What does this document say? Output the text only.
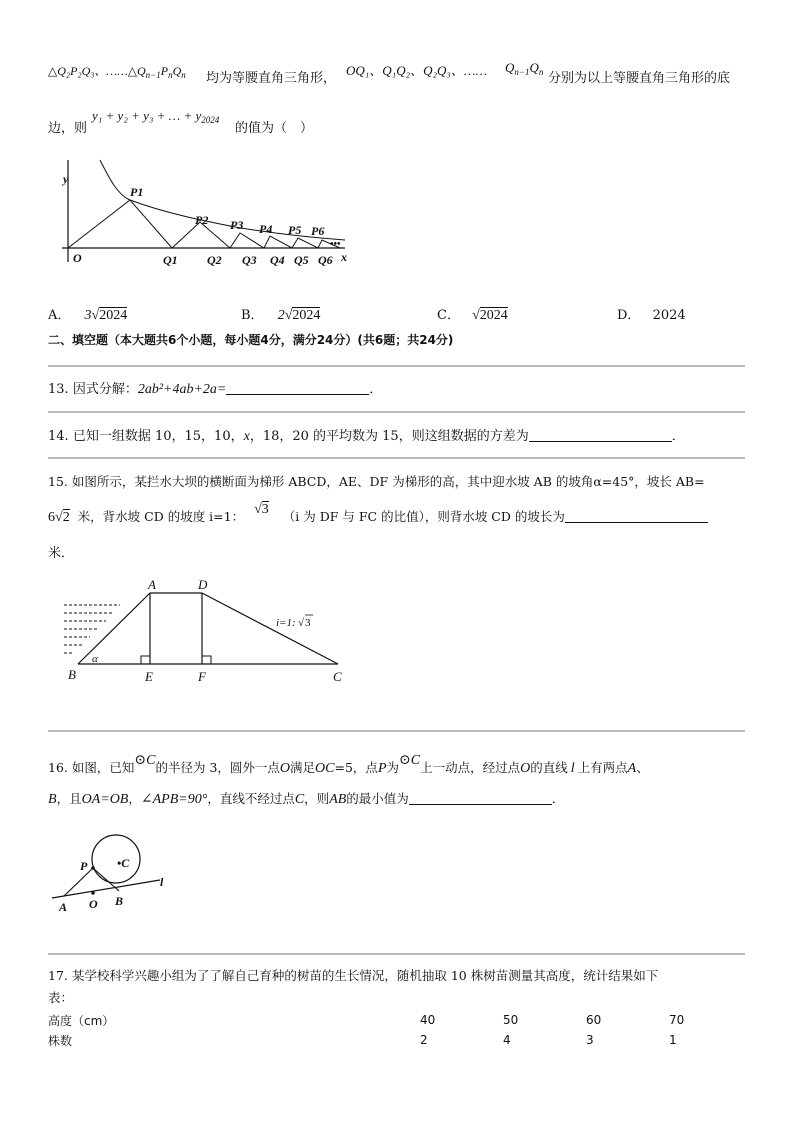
△Q₂P₂Q₃、$\dots\dots\triangle Q_{n-1}P_nQ_n$ 均为等腰直角三角形，
OQ₁、Q₁Q₂、Q₂Q₃、…… $Q_{n-1}Q_n$ 分别为以上等腰直角三角形的底
边，则
y₁ + y₂ + y₃ + … + $y_{2024}$
的值为（　）
y
x
O
P1
P2 P3 P4 P5 P6
Q1 Q2 Q3 Q4 Q5 Q6
•••
A． 3√2024	B． 2√2024	C． √2024	D． 2024
二、填空题（本大题共6个小题，每小题4分，满分24分）(共6题；共24分)
13. 因式分解：2ab²+4ab+2a=	．
14. 已知一组数据 10，15，10，x，18，20 的平均数为 15，则这组数据的方差为	．
15. 如图所示，某拦水大坝的横断面为梯形 ABCD，AE、DF 为梯形的高，其中迎水坡 AB 的坡角α=45°，坡长 AB=
6√2 米，背水坡 CD 的坡度 i=1： √3 （i 为 DF 与 FC 的比值），则背水坡 CD 的坡长为
米．
A	D
B	E	F	C
α
i=1: √ 3
16. 如图，已知⊙C的半径为 3，圆外一点O满足OC=5，点P为⊙C上一动点，经过点O的直线 l 上有两点A、
B，且OA=OB，∠APB=90°，直线不经过点C，则AB的最小值为	．
P •C
l
A O B
17. 某学校科学兴趣小组为了了解自己育种的树苗的生长情况，随机抽取 10 株树苗测量其高度，统计结果如下
表：
高度（cm）	40	50	60	70
株数	2	4	3	1
